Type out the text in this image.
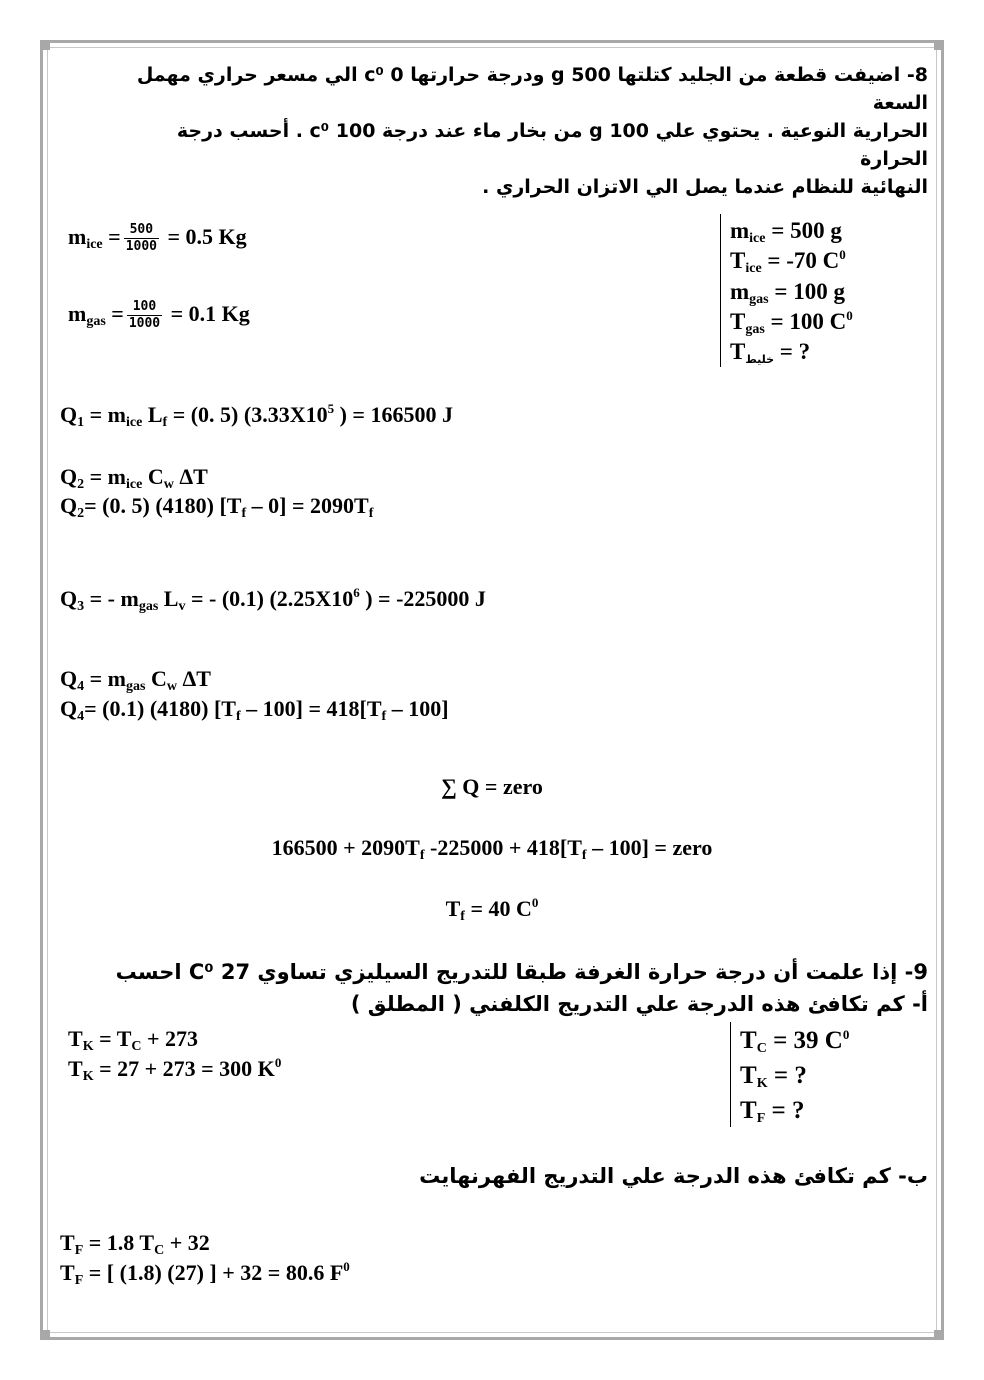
8- اضيفت قطعة من الجليد كتلتها g 500 ودرجة حرارتها 0 c⁰ الي مسعر حراري مهمل السعة
الحرارية النوعية . يحتوي علي g 100 من بخار ماء عند درجة 100 c⁰ . أحسب درجة الحرارة
النهائية للنظام عندما يصل الي الاتزان الحراري .
$m_{ice} = 500$ g
$T_{ice} = -70$ $C^0$
$m_{gas} = 100$ g
$T_{gas} = 100$ $C^0$
$T_{خليط}$ = ?
$m_{ice} = \frac{500}{1000} = 0.5$ Kg
$m_{gas} = \frac{100}{1000} = 0.1$ Kg
$Q_1 = m_{ice}$ $L_f = (0$. 5) ($3.33X10^5$ ) = 166500 J
$Q_2 = m_{ice}$ $C_w$ ΔT
$Q_2= (0$. 5) (4180) $[T_f - 0] = 2090T_f$
$Q_3$ = - $m_{gas}$ $L_v$ = - (0.1) ($2.25X10^6$ ) = -225000 J
$Q_4 = m_{gas}$ $C_w$ ΔT
$Q_4= (0.1)$ (4180) $[T_f - 100] = 418[T_f - 100]$
∑ Q = zero
$166500 + 2090T_f$ $-225000 + 418[T_f - 100]$ = zero
$T_f = 40$ $C^0$
9- إذا علمت أن درجة حرارة الغرفة طبقا للتدريج السيليزي تساوي 27 C⁰ احسب
أ- كم تكافئ هذه الدرجة علي التدريج الكلفني ( المطلق )
$T_C = 39$ $C^0$
$T_K$ = ?
$T_F$ = ?
$T_K = T_C + 273$
$T_K = 27 + 273 = 300$ $K^0$
ب- كم تكافئ هذه الدرجة علي التدريج الفهرنهايت
$T_F = 1.8$ $T_C + 32$
$T_F$ = [ (1.8) (27) ] + 32 = 80.6 $F^0$
